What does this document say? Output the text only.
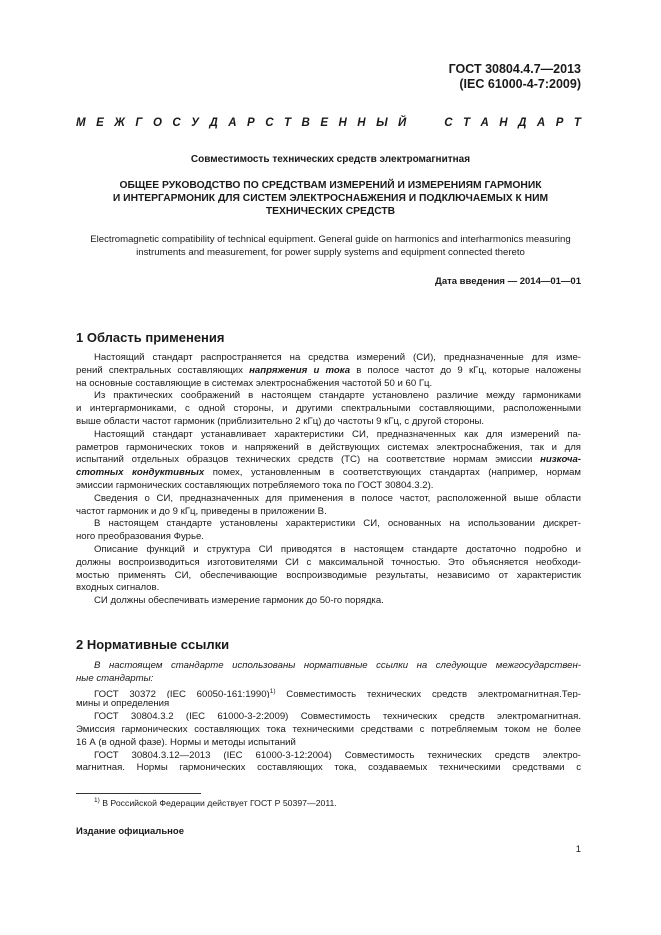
ГОСТ 30804.4.7—2013
(IEC 61000-4-7:2009)
М Е Ж Г О С У Д А Р С Т В Е Н Н Ы Й

	С Т А Н Д А Р Т
Совместимость технических средств электромагнитная
ОБЩЕЕ РУКОВОДСТВО ПО СРЕДСТВАМ ИЗМЕРЕНИЙ И ИЗМЕРЕНИЯМ ГАРМОНИК
И ИНТЕРГАРМОНИК ДЛЯ СИСТЕМ ЭЛЕКТРОСНАБЖЕНИЯ И ПОДКЛЮЧАЕМЫХ К НИМ
ТЕХНИЧЕСКИХ СРЕДСТВ
Electromagnetic compatibility of technical equipment. General guide on harmonics and interharmonics measuring
instruments and measurement, for power supply systems and equipment connected thereto
Дата введения — 2014—01—01
1 Область применения
Настоящий стандарт распространяется на средства измерений (СИ), предназначенные для изме-
рений спектральных составляющих напряжения и тока в полосе частот до 9 кГц, которые наложены
на основные составляющие в системах электроснабжения частотой 50 и 60 Гц.
Из практических соображений в настоящем стандарте установлено различие между гармониками
и интергармониками, с одной стороны, и другими спектральными составляющими, расположенными
выше области частот гармоник (приблизительно 2 кГц) до частоты 9 кГц, с другой стороны.
Настоящий стандарт устанавливает характеристики СИ, предназначенных как для измерений па-
раметров гармонических токов и напряжений в действующих системах электроснабжения, так и для
испытаний отдельных образцов технических средств (ТС) на соответствие нормам эмиссии низкоча-
стотных кондуктивных помех, установленным в соответствующих стандартах (например, нормам
эмиссии гармонических составляющих потребляемого тока по ГОСТ 30804.3.2).
Сведения о СИ, предназначенных для применения в полосе частот, расположенной выше области
частот гармоник и до 9 кГц, приведены в приложении В.
В настоящем стандарте установлены характеристики СИ, основанных на использовании дискрет-
ного преобразования Фурье.
Описание функций и структура СИ приводятся в настоящем стандарте достаточно подробно и
должны воспроизводиться изготовителями СИ с максимальной точностью. Это объясняется необходи-
мостью применять СИ, обеспечивающие воспроизводимые результаты, независимо от характеристик
входных сигналов.
СИ должны обеспечивать измерение гармоник до 50-го порядка.
2 Нормативные ссылки
В настоящем стандарте использованы нормативные ссылки на следующие межгосударствен-
ные стандарты:
ГОСТ 30372 (IEC 60050-161:1990)$^{1)}$ Совместимость технических средств электромагнитная.Тер-
мины и определения
ГОСТ 30804.3.2 (IEC 61000-3-2:2009) Совместимость технических средств электромагнитная.
Эмиссия гармонических составляющих тока техническими средствами с потребляемым током не более
16 А (в одной фазе). Нормы и методы испытаний
ГОСТ 30804.3.12—2013 (IEC 61000-3-12:2004) Совместимость технических средств электро-
магнитная. Нормы гармонических составляющих тока, создаваемых техническими средствами с
$^{1)}$ В Российской Федерации действует ГОСТ Р 50397—2011.
Издание официальное
1
